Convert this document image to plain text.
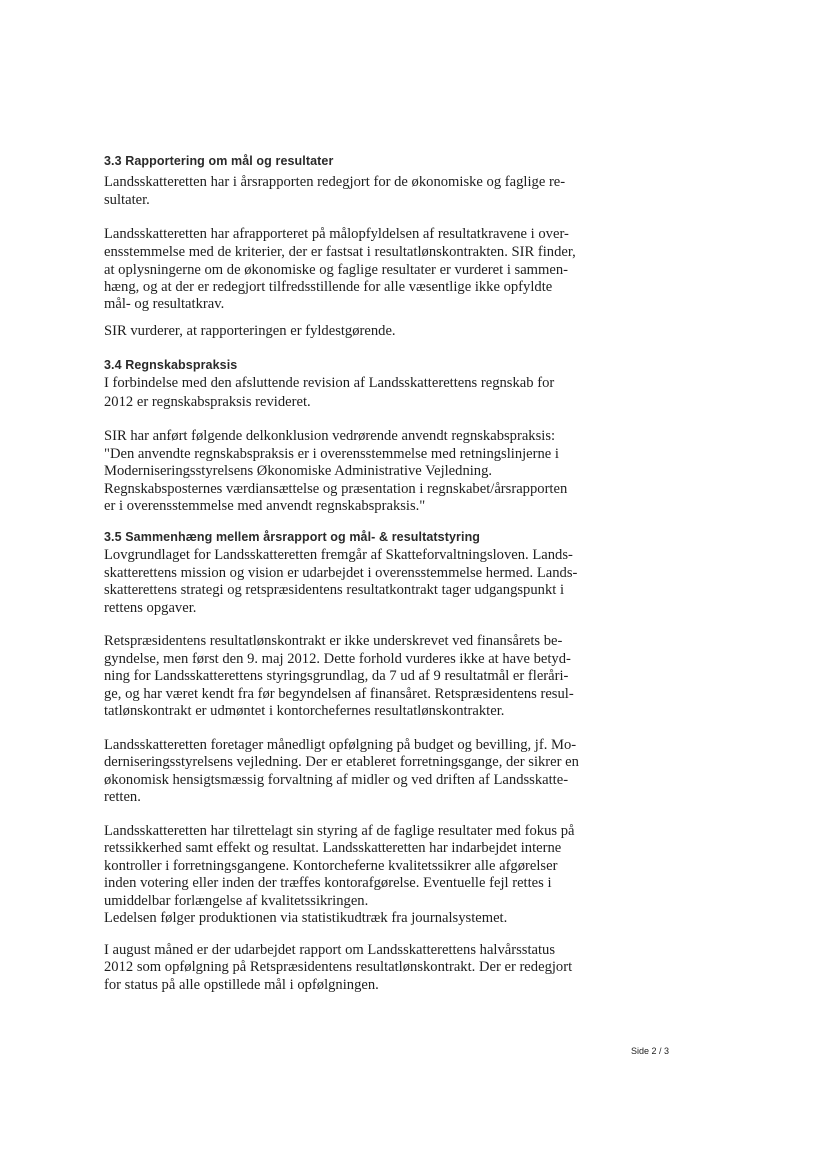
3.3 Rapportering om mål og resultater
Landsskatteretten har i årsrapporten redegjort for de økonomiske og faglige re-
sultater.
Landsskatteretten har afrapporteret på målopfyldelsen af resultatkravene i over-
ensstemmelse med de kriterier, der er fastsat i resultatlønskontrakten. SIR finder,
at oplysningerne om de økonomiske og faglige resultater er vurderet i sammen-
hæng, og at der er redegjort tilfredsstillende for alle væsentlige ikke opfyldte
mål- og resultatkrav.
SIR vurderer, at rapporteringen er fyldestgørende.
3.4 Regnskabspraksis
I forbindelse med den afsluttende revision af Landsskatterettens regnskab for
2012 er regnskabspraksis revideret.
SIR har anført følgende delkonklusion vedrørende anvendt regnskabspraksis:
"Den anvendte regnskabspraksis er i overensstemmelse med retningslinjerne i
Moderniseringsstyrelsens Økonomiske Administrative Vejledning.
Regnskabsposternes værdiansættelse og præsentation i regnskabet/årsrapporten
er i overensstemmelse med anvendt regnskabspraksis."
3.5 Sammenhæng mellem årsrapport og mål- & resultatstyring
Lovgrundlaget for Landsskatteretten fremgår af Skatteforvaltningsloven. Lands-
skatterettens mission og vision er udarbejdet i overensstemmelse hermed. Lands-
skatterettens strategi og retspræsidentens resultatkontrakt tager udgangspunkt i
rettens opgaver.
Retspræsidentens resultatlønskontrakt er ikke underskrevet ved finansårets be-
gyndelse, men først den 9. maj 2012. Dette forhold vurderes ikke at have betyd-
ning for Landsskatterettens styringsgrundlag, da 7 ud af 9 resultatmål er fleråri-
ge, og har været kendt fra før begyndelsen af finansåret. Retspræsidentens resul-
tatlønskontrakt er udmøntet i kontorchefernes resultatlønskontrakter.
Landsskatteretten foretager månedligt opfølgning på budget og bevilling, jf. Mo-
derniseringsstyrelsens vejledning. Der er etableret forretningsgange, der sikrer en
økonomisk hensigtsmæssig forvaltning af midler og ved driften af Landsskatte-
retten.
Landsskatteretten har tilrettelagt sin styring af de faglige resultater med fokus på
retssikkerhed samt effekt og resultat. Landsskatteretten har indarbejdet interne
kontroller i forretningsgangene. Kontorcheferne kvalitetssikrer alle afgørelser
inden votering eller inden der træffes kontorafgørelse. Eventuelle fejl rettes i
umiddelbar forlængelse af kvalitetssikringen.
Ledelsen følger produktionen via statistikudtræk fra journalsystemet.
I august måned er der udarbejdet rapport om Landsskatterettens halvårsstatus
2012 som opfølgning på Retspræsidentens resultatlønskontrakt. Der er redegjort
for status på alle opstillede mål i opfølgningen.
Side 2 / 3
